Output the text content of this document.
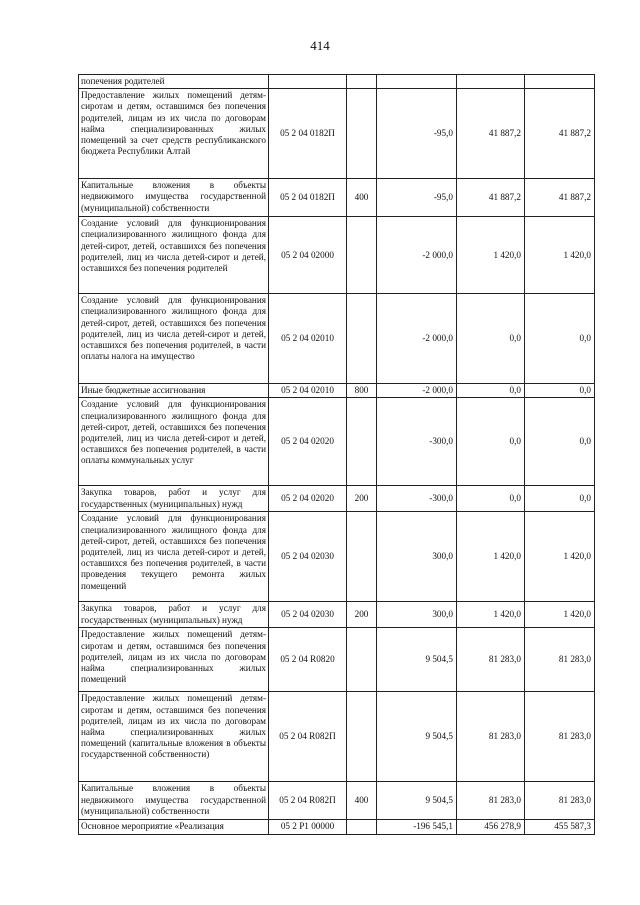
414
попечения родителей					
Предоставление жилых помещений детям-сиротам и детям, оставшимся без попечения родителей, лицам из их числа по договорам найма специализированных жилых помещений за счет средств республиканского бюджета Республики Алтай	05 2 04 0182П		-95,0	41 887,2	41 887,2
Капитальные вложения в объекты недвижимого имущества государственной (муниципальной) собственности	05 2 04 0182П	400	-95,0	41 887,2	41 887,2
Создание условий для функционирования специализированного жилищного фонда для детей-сирот, детей, оставшихся без попечения родителей, лиц из числа детей-сирот и детей, оставшихся без попечения родителей	05 2 04 02000		-2 000,0	1 420,0	1 420,0
Создание условий для функционирования специализированного жилищного фонда для детей-сирот, детей, оставшихся без попечения родителей, лиц из числа детей-сирот и детей, оставшихся без попечения родителей, в части оплаты налога на имущество	05 2 04 02010		-2 000,0	0,0	0,0
Иные бюджетные ассигнования	05 2 04 02010	800	-2 000,0	0,0	0,0
Создание условий для функционирования специализированного жилищного фонда для детей-сирот, детей, оставшихся без попечения родителей, лиц из числа детей-сирот и детей, оставшихся без попечения родителей, в части оплаты коммунальных услуг	05 2 04 02020		-300,0	0,0	0,0
Закупка товаров, работ и услуг для государственных (муниципальных) нужд	05 2 04 02020	200	-300,0	0,0	0,0
Создание условий для функционирования специализированного жилищного фонда для детей-сирот, детей, оставшихся без попечения родителей, лиц из числа детей-сирот и детей, оставшихся без попечения родителей, в части проведения текущего ремонта жилых помещений	05 2 04 02030		300,0	1 420,0	1 420,0
Закупка товаров, работ и услуг для государственных (муниципальных) нужд	05 2 04 02030	200	300,0	1 420,0	1 420,0
Предоставление жилых помещений детям-сиротам и детям, оставшимся без попечения родителей, лицам из их числа по договорам найма специализированных жилых помещений	05 2 04 R0820		9 504,5	81 283,0	81 283,0
Предоставление жилых помещений детям-сиротам и детям, оставшимся без попечения родителей, лицам из их числа по договорам найма специализированных жилых помещений (капитальные вложения в объекты государственной собственности)	05 2 04 R082П		9 504,5	81 283,0	81 283,0
Капитальные вложения в объекты недвижимого имущества государственной (муниципальной) собственности	05 2 04 R082П	400	9 504,5	81 283,0	81 283,0
Основное мероприятие «Реализация	05 2 P1 00000		-196 545,1	456 278,9	455 587,3
